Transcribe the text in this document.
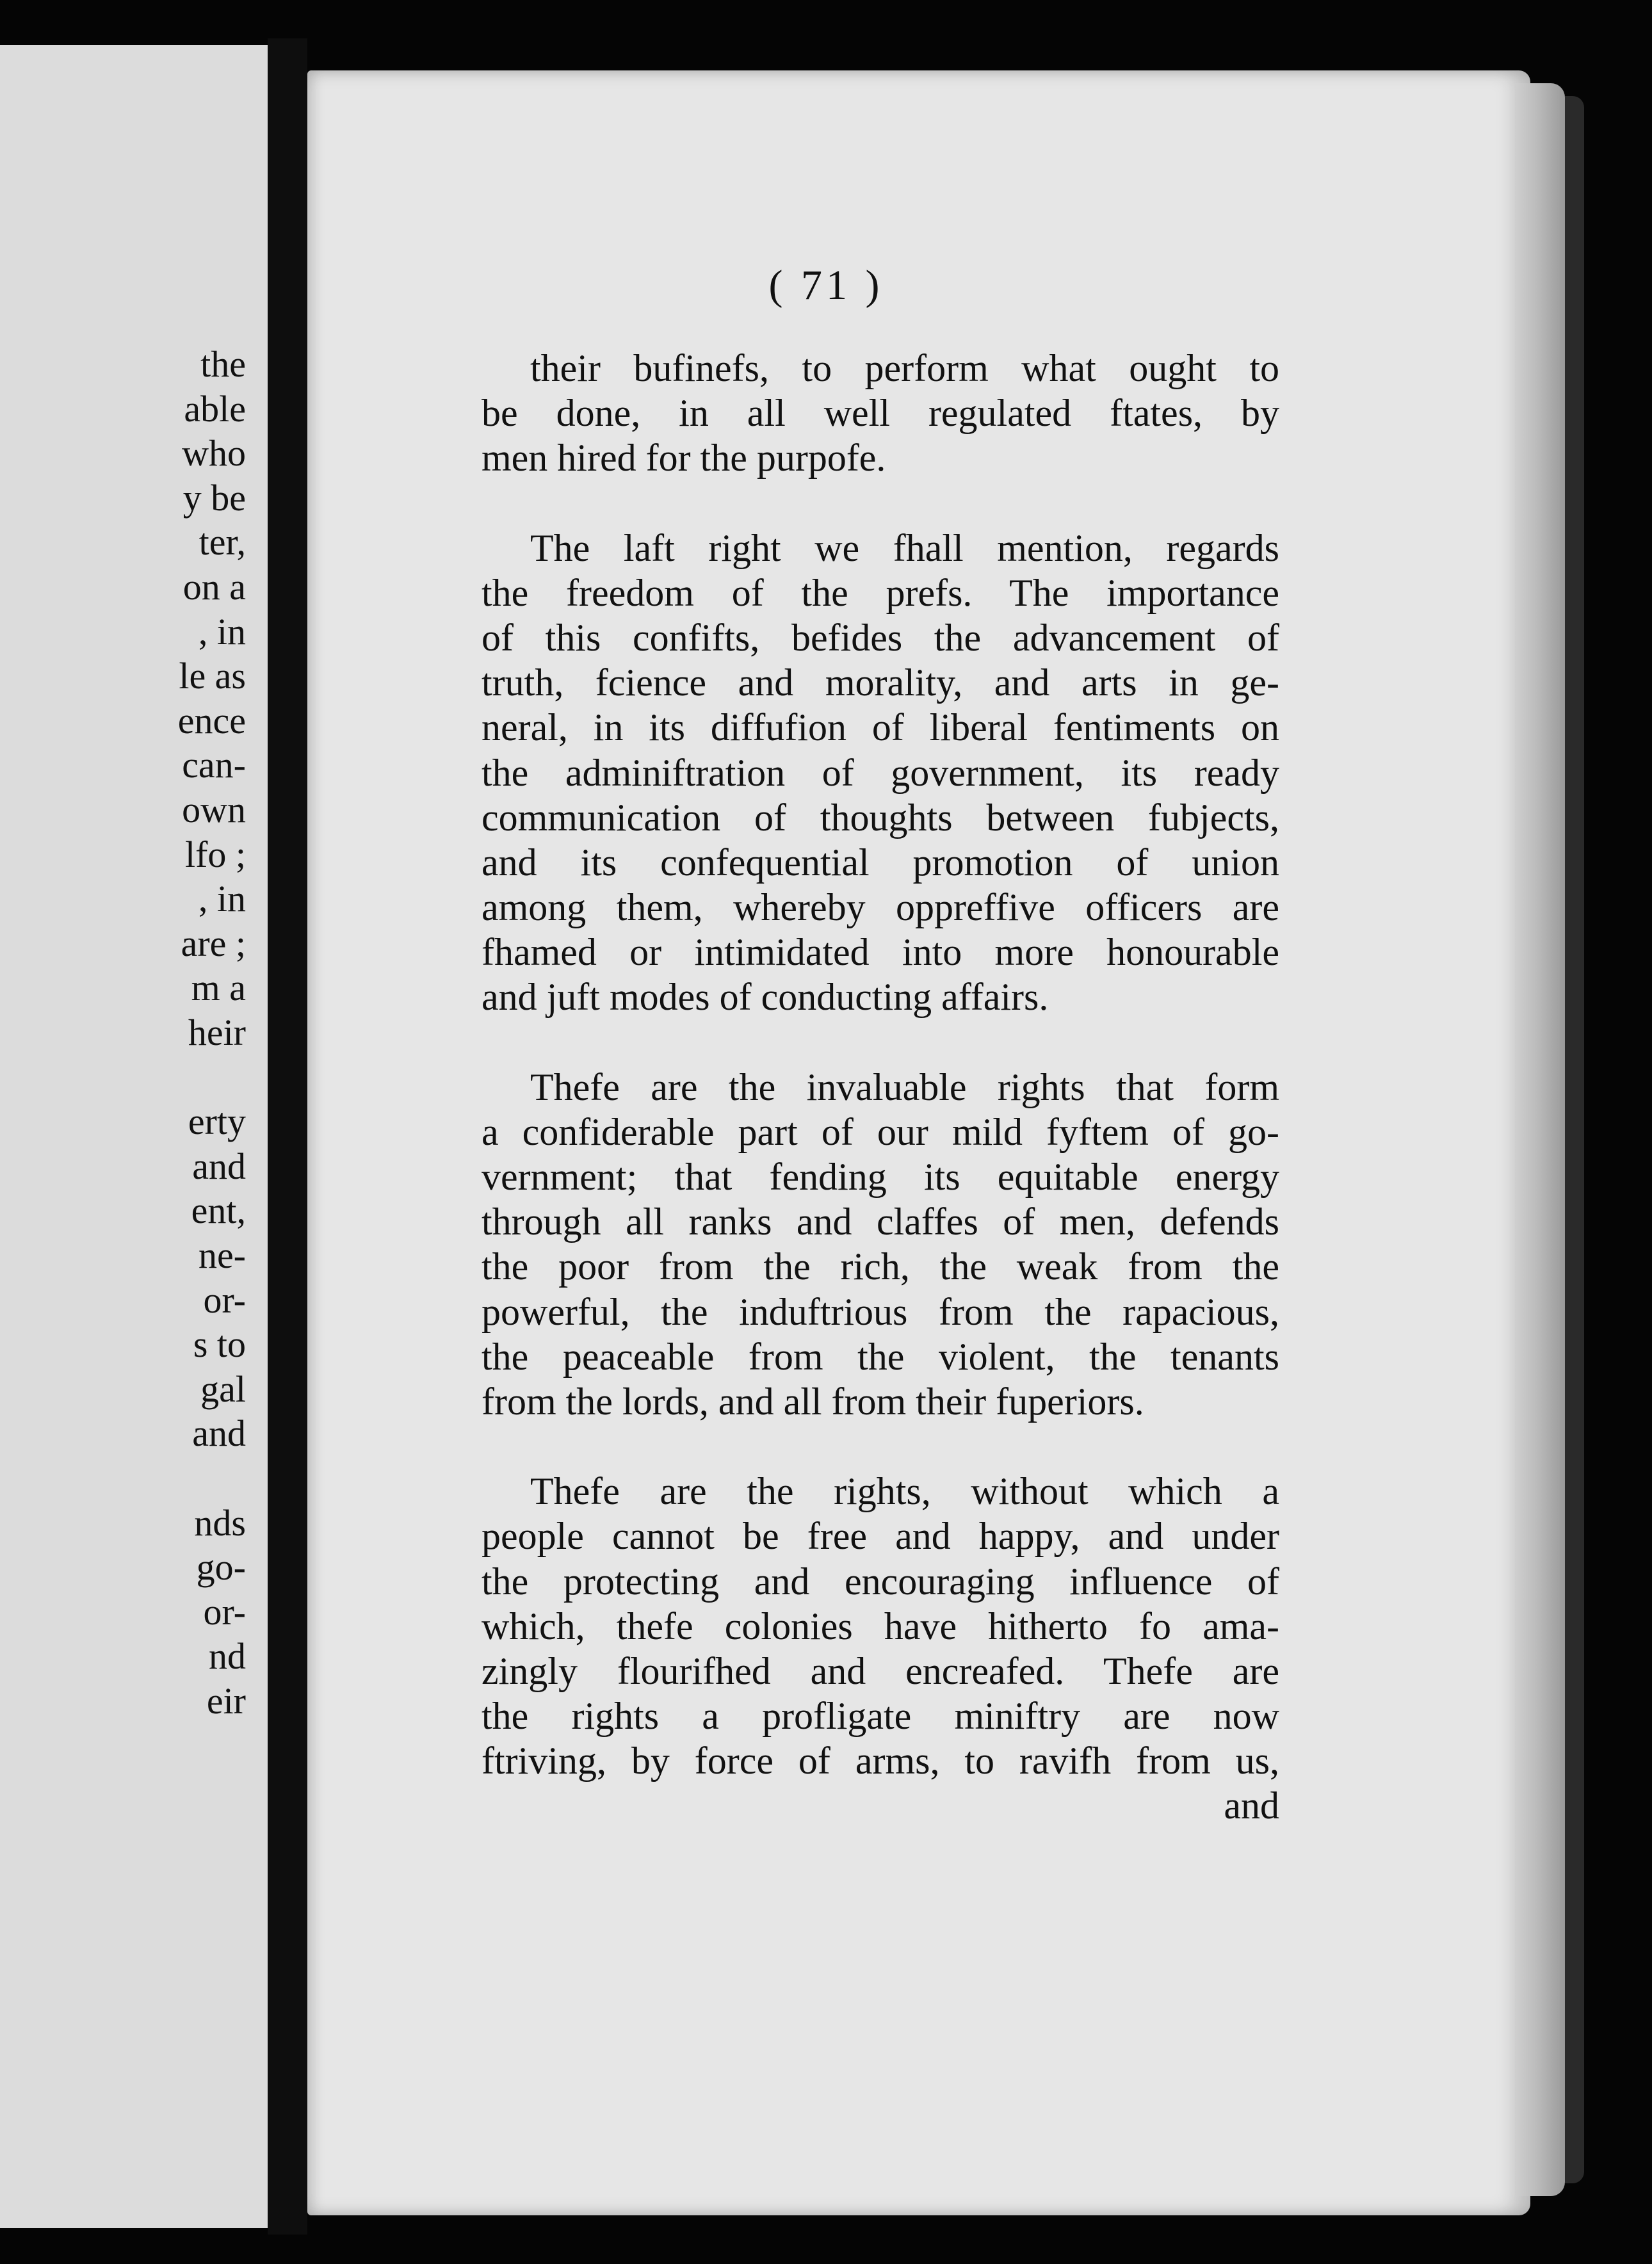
the
able
who
y be
ter,
on a
, in
le as
ence
can-
own
lfo ;
, in
are ;
m a
heir
erty
and
ent,
ne-
or-
s to
gal
and
nds
go-
or-
nd
eir
( 71 )
their bufinefs, to perform what ought to
be done, in all well regulated ftates, by
men hired for the purpofe.
The laft right we fhall mention, regards
the freedom of the prefs. The importance
of this confifts, befides the advancement of
truth, fcience and morality, and arts in ge-
neral, in its diffufion of liberal fentiments on
the adminiftration of government, its ready
communication of thoughts between fubjects,
and its confequential promotion of union
among them, whereby oppreffive officers are
fhamed or intimidated into more honourable
and juft modes of conducting affairs.
Thefe are the invaluable rights that form
a confiderable part of our mild fyftem of go-
vernment; that fending its equitable energy
through all ranks and claffes of men, defends
the poor from the rich, the weak from the
powerful, the induftrious from the rapacious,
the peaceable from the violent, the tenants
from the lords, and all from their fuperiors.
Thefe are the rights, without which a
people cannot be free and happy, and under
the protecting and encouraging influence of
which, thefe colonies have hitherto fo ama-
zingly flourifhed and encreafed. Thefe are
the rights a profligate miniftry are now
ftriving, by force of arms, to ravifh from us,
and
